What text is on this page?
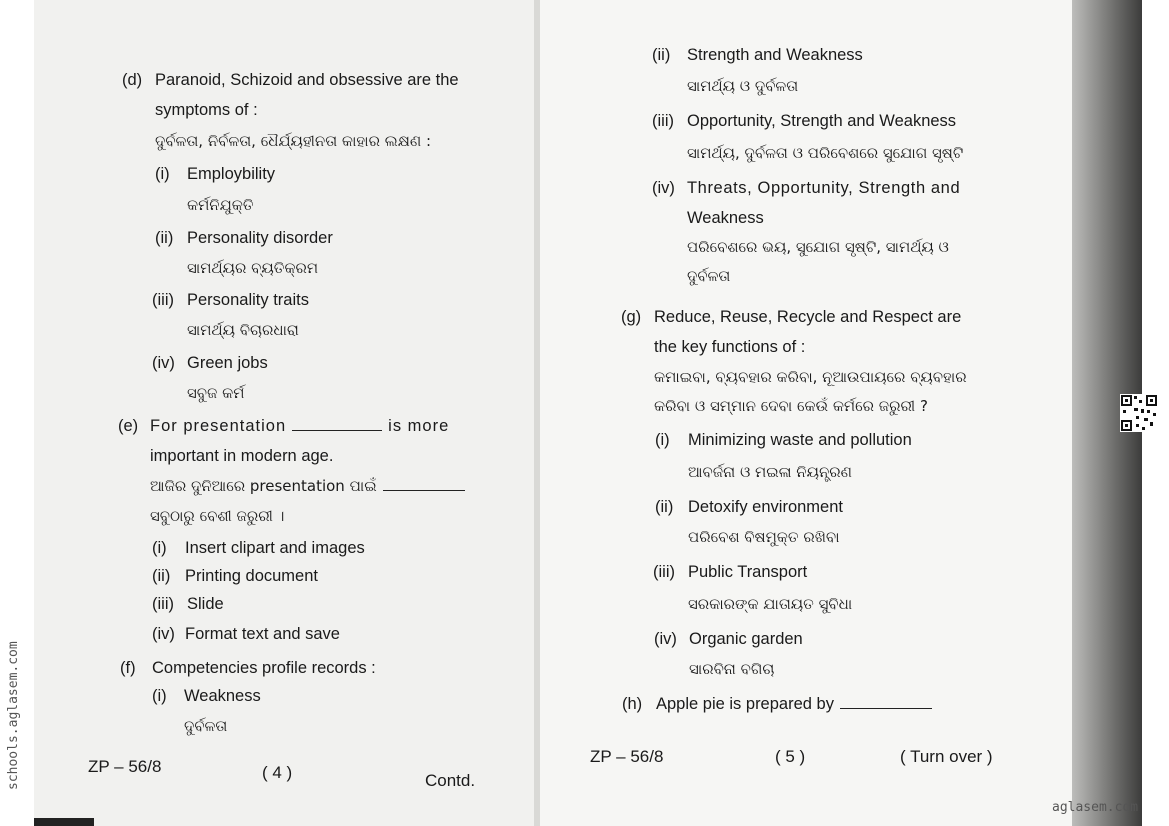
(d) Paranoid, Schizoid and obsessive are the
symptoms of :
ଦୁର୍ବଳତା, ନିର୍ବଳତା, ଧୈର୍ଯ୍ୟହୀନତା କାହାର ଲକ୍ଷଣ :
(i) Employbility
କର୍ମନିଯୁକ୍ତି
(ii) Personality disorder
ସାମର୍ଥ୍ୟର ବ୍ୟତିକ୍ରମ
(iii) Personality traits
ସାମର୍ଥ୍ୟ ବିଚାରଧାରା
(iv) Green jobs
ସବୁଜ କର୍ମ
(e) For presentation	is more
important in modern age.
ଆଜିର ଦୁନିଆରେ presentation ପାଇଁ
ସବୁଠାରୁ ବେଶୀ ଜରୁରୀ ।
(i) Insert clipart and images
(ii) Printing document
(iii) Slide
(iv) Format text and save
(f) Competencies profile records :
(i) Weakness
ଦୁର୍ବଳତା
ZP – 56/8	( 4 )	Contd.
(ii) Strength and Weakness
ସାମର୍ଥ୍ୟ ଓ ଦୁର୍ବଳତା
(iii) Opportunity, Strength and Weakness
ସାମର୍ଥ୍ୟ, ଦୁର୍ବଳତା ଓ ପରିବେଶରେ ସୁଯୋଗ ସୃଷ୍ଟି
(iv) Threats, Opportunity, Strength and
Weakness
ପରିବେଶରେ ଭୟ, ସୁଯୋଗ ସୃଷ୍ଟି, ସାମର୍ଥ୍ୟ ଓ
ଦୁର୍ବଳତା
(g) Reduce, Reuse, Recycle and Respect are
the key functions of :
କମାଇବା, ବ୍ୟବହାର କରିବା, ନୂଆଉପାୟରେ ବ୍ୟବହାର
କରିବା ଓ ସମ୍ମାନ ଦେବା କେଉଁ କର୍ମରେ ଜରୁରୀ ?
(i) Minimizing waste and pollution
ଆବର୍ଜନା ଓ ମଇଳା ନିୟନ୍ତ୍ରଣ
(ii) Detoxify environment
ପରିବେଶ ବିଷମୁକ୍ତ ରଖିବା
(iii) Public Transport
ସରକାରଙ୍କ ଯାତାୟତ ସୁବିଧା
(iv) Organic garden
ସାରବିନା ବଗିଚା
(h) Apple pie is prepared by
ZP – 56/8	( 5 )	( Turn over )
schools.aglasem.com
aglasem.com
